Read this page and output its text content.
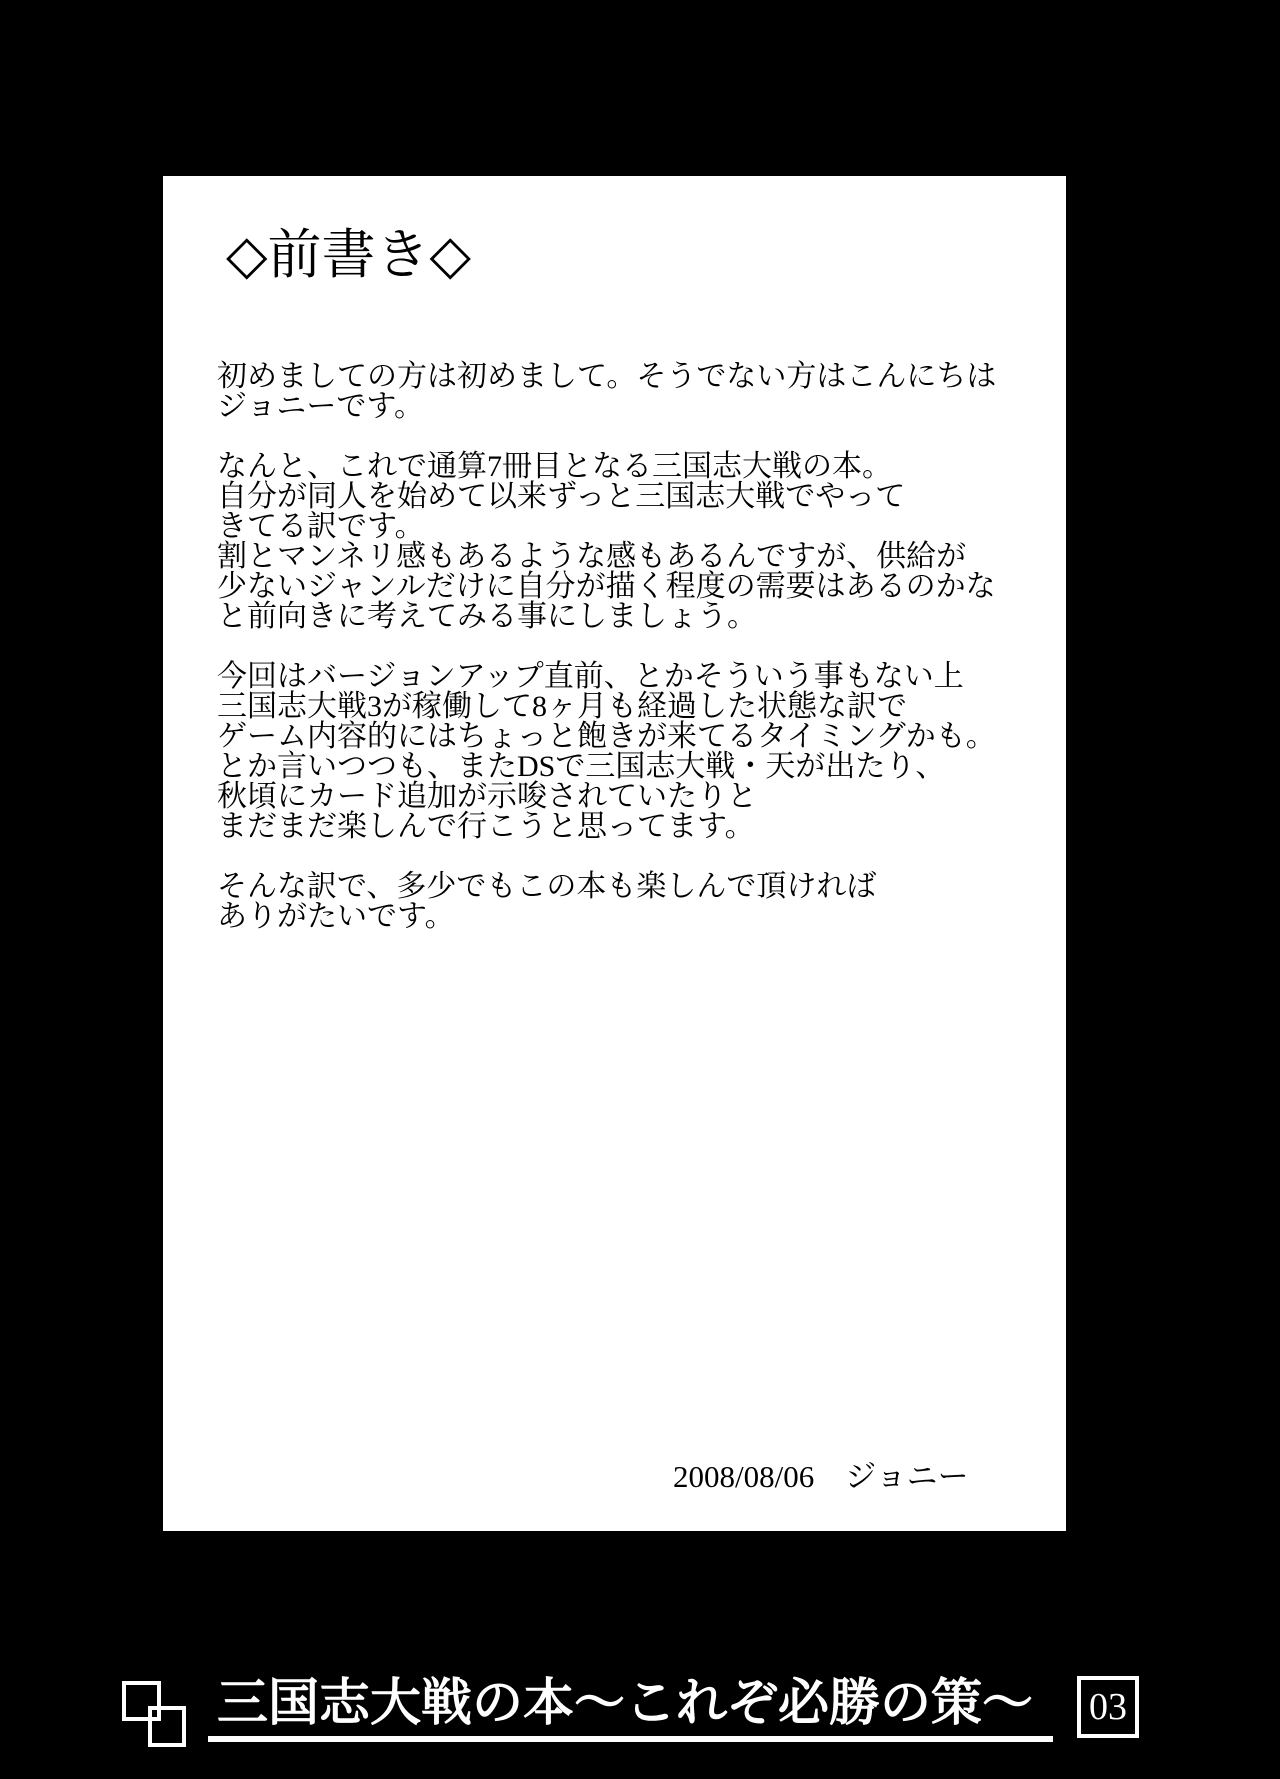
◇前書き◇

初めましての方は初めまして。そうでない方はこんにちは
ジョニーです。

なんと、これで通算7冊目となる三国志大戦の本。
自分が同人を始めて以来ずっと三国志大戦でやって
きてる訳です。
割とマンネリ感もあるような感もあるんですが、供給が
少ないジャンルだけに自分が描く程度の需要はあるのかな
と前向きに考えてみる事にしましょう。

今回はバージョンアップ直前、とかそういう事もない上
三国志大戦3が稼働して8ヶ月も経過した状態な訳で
ゲーム内容的にはちょっと飽きが来てるタイミングかも。
とか言いつつも、またDSで三国志大戦・天が出たり、
秋頃にカード追加が示唆されていたりと
まだまだ楽しんで行こうと思ってます。

そんな訳で、多少でもこの本も楽しんで頂ければ
ありがたいです。

2008/08/06　ジョニー
三国志大戦の本～これぞ必勝の策～ 03
